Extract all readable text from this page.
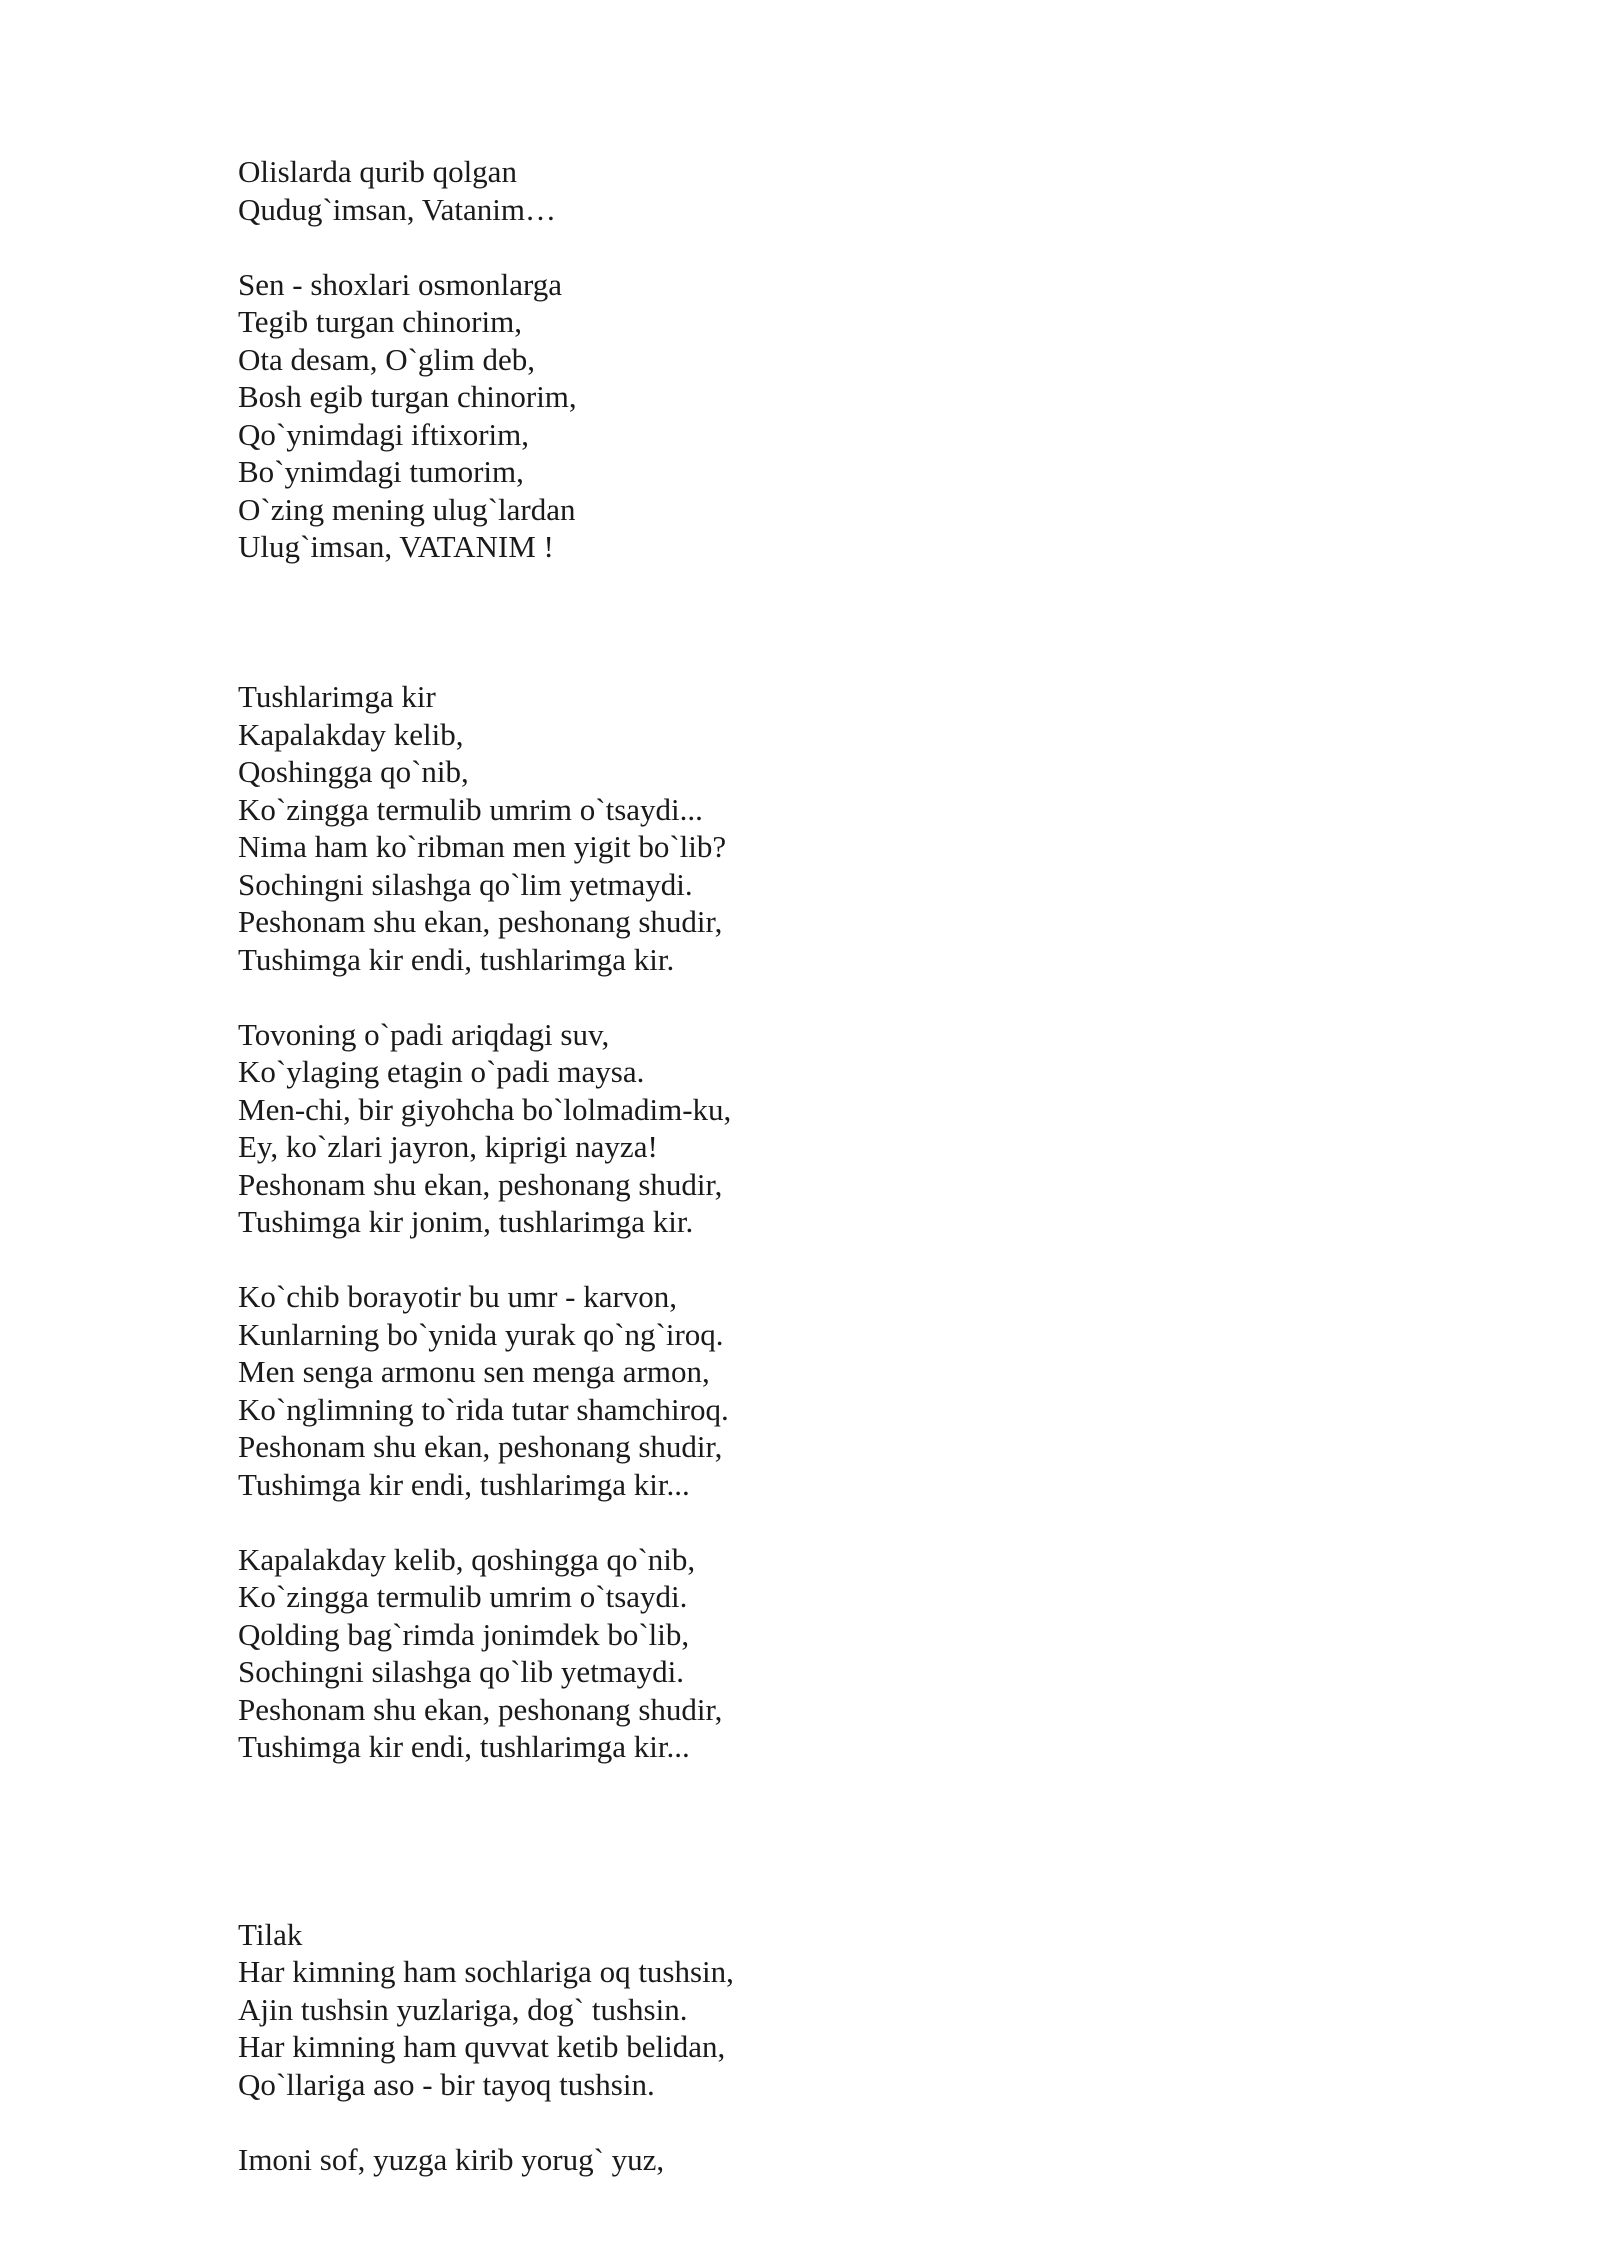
Olislarda qurib qolgan
Qudug`imsan, Vatanim…
Sen - shoxlari osmonlarga
Tegib turgan chinorim,
Ota desam, O`glim deb,
Bosh egib turgan chinorim,
Qo`ynimdagi iftixorim,
Bo`ynimdagi tumorim,
O`zing mening ulug`lardan
Ulug`imsan, VATANIM !
Tushlarimga kir
Kapalakday kelib,
Qoshingga qo`nib,
Ko`zingga termulib umrim o`tsaydi...
Nima ham ko`ribman men yigit bo`lib?
Sochingni silashga qo`lim yetmaydi.
Peshonam shu ekan, peshonang shudir,
Tushimga kir endi, tushlarimga kir.
Tovoning o`padi ariqdagi suv,
Ko`ylaging etagin o`padi maysa.
Men-chi, bir giyohcha bo`lolmadim-ku,
Ey, ko`zlari jayron, kiprigi nayza!
Peshonam shu ekan, peshonang shudir,
Tushimga kir jonim, tushlarimga kir.
Ko`chib borayotir bu umr - karvon,
Kunlarning bo`ynida yurak qo`ng`iroq.
Men senga armonu sen menga armon,
Ko`nglimning to`rida tutar shamchiroq.
Peshonam shu ekan, peshonang shudir,
Tushimga kir endi, tushlarimga kir...
Kapalakday kelib, qoshingga qo`nib,
Ko`zingga termulib umrim o`tsaydi.
Qolding bag`rimda jonimdek bo`lib,
Sochingni silashga qo`lib yetmaydi.
Peshonam shu ekan, peshonang shudir,
Tushimga kir endi, tushlarimga kir...
Tilak
Har kimning ham sochlariga oq tushsin,
Ajin tushsin yuzlariga, dog` tushsin.
Har kimning ham quvvat ketib belidan,
Qo`llariga aso - bir tayoq tushsin.
Imoni sof, yuzga kirib yorug` yuz,
